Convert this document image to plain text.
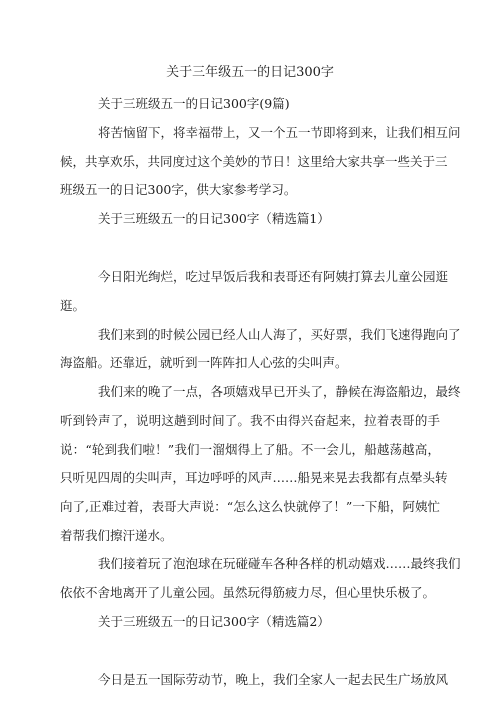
关于三年级五一的日记300字

关于三班级五一的日记300字(9篇)

将苦恼留下，将幸福带上，又一个五一节即将到来，让我们相互问

候，共享欢乐，共同度过这个美妙的节日！这里给大家共享一些关于三

班级五一的日记300字，供大家参考学习。

关于三班级五一的日记300字（精选篇1）

今日阳光绚烂，吃过早饭后我和表哥还有阿姨打算去儿童公园逛

逛。

我们来到的时候公园已经人山人海了，买好票，我们飞速得跑向了

海盗船。还靠近，就听到一阵阵扣人心弦的尖叫声。

我们来的晚了一点，各项嬉戏早已开头了，静候在海盗船边，最终

听到铃声了，说明这趟到时间了。我不由得兴奋起来，拉着表哥的手

说：“轮到我们啦！”我们一溜烟得上了船。不一会儿，船越荡越高，

只听见四周的尖叫声，耳边呼呼的风声……船晃来晃去我都有点晕头转

向了,正难过着，表哥大声说：“怎么这么快就停了！”一下船，阿姨忙

着帮我们擦汗递水。

我们接着玩了泡泡球在玩碰碰车各种各样的机动嬉戏……最终我们

依依不舍地离开了儿童公园。虽然玩得筋疲力尽，但心里快乐极了。

关于三班级五一的日记300字（精选篇2）

今日是五一国际劳动节，晚上，我们全家人一起去民生广场放风
